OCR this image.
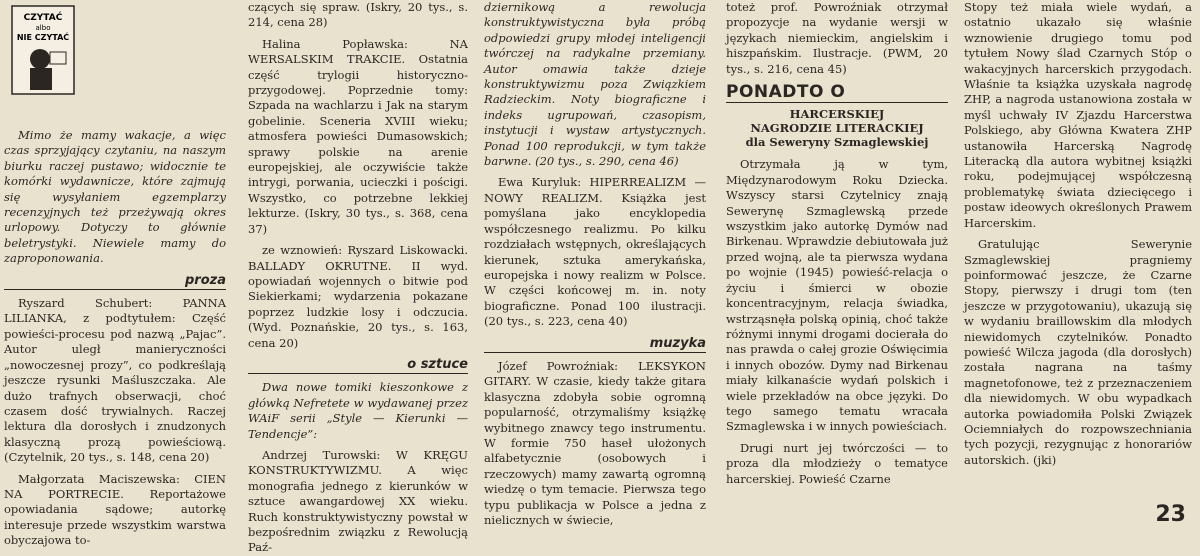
CZYTAĆ
albo
NIE CZYTAĆ

Mimo że mamy wakacje, a więc czas sprzyjający czytaniu, na naszym biurku raczej pustawo; widocznie te komórki wydawnicze, które zajmują się wysyłaniem egzemplarzy recenzyjnych też przeżywają okres urlopowy. Dotyczy to głównie beletrystyki. Niewiele mamy do zaproponowania.

proza

Ryszard Schubert: PANNA LILIANKA, z podtytułem: Część powieści-procesu pod nazwą „Pajac”. Autor uległ manieryczności „nowoczesnej prozy”, co podkreślają jeszcze rysunki Maśluszczaka. Ale dużo trafnych obserwacji, choć czasem dość trywialnych. Raczej lektura dla dorosłych i znudzonych klasyczną prozą powieściową. (Czytelnik, 20 tys., s. 148, cena 20)

Małgorzata Maciszewska: CIEN NA PORTRECIE. Reportażowe opowiadania sądowe; autorkę interesuje przede wszystkim warstwa obyczajowa to-

czących się spraw. (Iskry, 20 tys., s. 214, cena 28)

Halina Popławska: NA WERSALSKIM TRAKCIE. Ostatnia część trylogii historyczno-przygodowej. Poprzednie tomy: Szpada na wachlarzu i Jak na starym gobelinie. Sceneria XVIII wieku; atmosfera powieści Dumasowskich; sprawy polskie na arenie europejskiej, ale oczywiście także intrygi, porwania, ucieczki i pościgi. Wszystko, co potrzebne lekkiej lekturze. (Iskry, 30 tys., s. 368, cena 37)

ze wznowień: Ryszard Liskowacki. BALLADY OKRUTNE. II wyd. opowiadań wojennych o bitwie pod Siekierkami; wydarzenia pokazane poprzez ludzkie losy i odczucia. (Wyd. Poznańskie, 20 tys., s. 163, cena 20)

o sztuce

Dwa nowe tomiki kieszonkowe z główką Nefretete w wydawanej przez WAiF serii „Style — Kierunki — Tendencje”:

Andrzej Turowski: W KRĘGU KONSTRUKTYWIZMU. A więc monografia jednego z kierunków w sztuce awangardowej XX wieku. Ruch konstruktywistyczny powstał w bezpośrednim związku z Rewolucją Paź-

dziernikową a rewolucja konstruktywistyczna była próbą odpowiedzi grupy młodej inteligencji twórczej na radykalne przemiany. Autor omawia także dzieje konstruktywizmu poza Związkiem Radzieckim. Noty biograficzne i indeks ugrupowań, czasopism, instytucji i wystaw artystycznych. Ponad 100 reprodukcji, w tym także barwne. (20 tys., s. 290, cena 46)

Ewa Kuryluk: HIPERREALIZM — NOWY REALIZM. Książka jest pomyślana jako encyklopedia współczesnego realizmu. Po kilku rozdziałach wstępnych, określających kierunek, sztuka amerykańska, europejska i nowy realizm w Polsce. W części końcowej m. in. noty biograficzne. Ponad 100 ilustracji. (20 tys., s. 223, cena 40)

muzyka

Józef Powroźniak: LEKSYKON GITARY. W czasie, kiedy także gitara klasyczna zdobyła sobie ogromną popularność, otrzymaliśmy książkę wybitnego znawcy tego instrumentu. W formie 750 haseł ułożonych alfabetycznie (osobowych i rzeczowych) mamy zawartą ogromną wiedzę o tym temacie. Pierwsza tego typu publikacja w Polsce a jedna z nielicznych w świecie,

toteż prof. Powroźniak otrzymał propozycje na wydanie wersji w językach niemieckim, angielskim i hiszpańskim. Ilustracje. (PWM, 20 tys., s. 216, cena 45)

PONADTO O
HARCERSKIEJ
NAGRODZIE LITERACKIEJ
dla Seweryny Szmaglewskiej

Otrzymała ją w tym, Międzynarodowym Roku Dziecka. Wszyscy starsi Czytelnicy znają Sewerynę Szmaglewską przede wszystkim jako autorkę Dymów nad Birkenau. Wprawdzie debiutowała już przed wojną, ale ta pierwsza wydana po wojnie (1945) powieść-relacja o życiu i śmierci w obozie koncentracyjnym, relacja świadka, wstrząsnęła polską opinią, choć także różnymi innymi drogami docierała do nas prawda o całej grozie Oświęcimia i innych obozów. Dymy nad Birkenau miały kilkanaście wydań polskich i wiele przekładów na obce języki. Do tego samego tematu wracała Szmaglewska i w innych powieściach.

Drugi nurt jej twórczości — to proza dla młodzieży o tematyce harcerskiej. Powieść Czarne

Stopy też miała wiele wydań, a ostatnio ukazało się właśnie wznowienie drugiego tomu pod tytułem Nowy ślad Czarnych Stóp o wakacyjnych harcerskich przygodach. Właśnie ta książka uzyskała nagrodę ZHP, a nagroda ustanowiona została w myśl uchwały IV Zjazdu Harcerstwa Polskiego, aby Główna Kwatera ZHP ustanowiła Harcerską Nagrodę Literacką dla autora wybitnej książki roku, podejmującej współczesną problematykę świata dziecięcego i postaw ideowych określonych Prawem Harcerskim.

Gratulując Sewerynie Szmaglewskiej pragniemy poinformować jeszcze, że Czarne Stopy, pierwszy i drugi tom (ten jeszcze w przygotowaniu), ukazują się w wydaniu braillowskim dla młodych niewidomych czytelników. Ponadto powieść Wilcza jagoda (dla dorosłych) została nagrana na taśmy magnetofonowe, też z przeznaczeniem dla niewidomych. W obu wypadkach autorka powiadomiła Polski Związek Ociemniałych do rozpowszechniania tych pozycji, rezygnując z honorariów autorskich. (jki)

23
